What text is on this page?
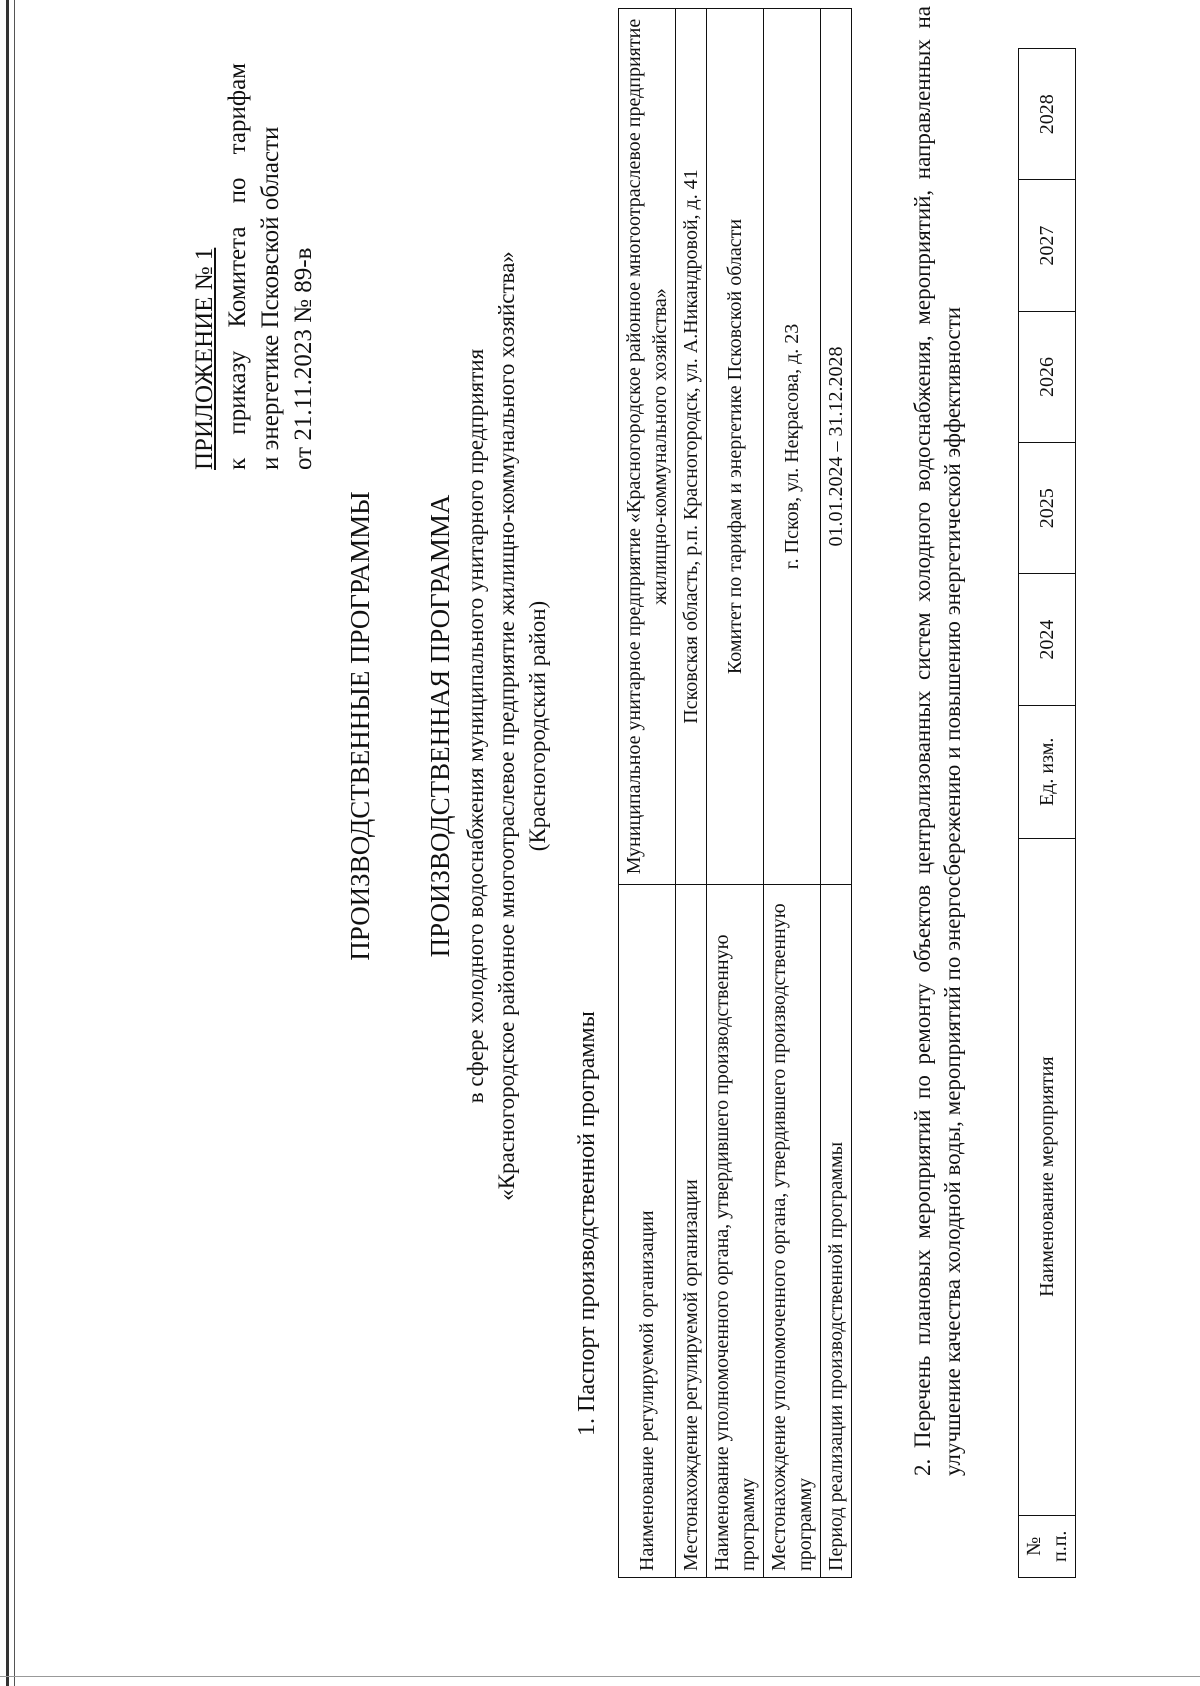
ПРИЛОЖЕНИЕ № 1 к
приказу
Комитета
по
тарифам
и энергетике Псковской области от 21.11.2023 № 89-в
ПРОИЗВОДСТВЕННЫЕ ПРОГРАММЫ ПРОИЗВОДСТВЕННАЯ ПРОГРАММА в сфере холодного водоснабжения муниципального унитарного предприятия «Красногородское районное многоотраслевое предприятие жилищно-коммунального хозяйства» (Красногородский район)
1. Паспорт производственной программы Наименование регулируемой организации	Муниципальное унитарное предприятие «Красногородское районное многоотраслевое предприятие жилищно-коммунального хозяйства»
Местонахождение регулируемой организации	Псковская область, р.п. Красногородск, ул. А.Никандровой, д. 41
Наименование уполномоченного органа, утвердившего производственную программу	Комитет по тарифам и энергетике Псковской области
Местонахождение уполномоченного органа, утвердившего производственную программу	г. Псков, ул. Некрасова, д. 23
Период реализации производственной программы	01.01.2024 – 31.12.2028	2. Перечень плановых мероприятий по ремонту объектов централизованных систем холодного водоснабжения, мероприятий, направленных на улучшение качества холодной воды, мероприятий по энергосбережению и повышению энергетической эффективности
№ п.п.	Наименование мероприятия	Ед. изм.	2024	2025	2026	2027	2028
